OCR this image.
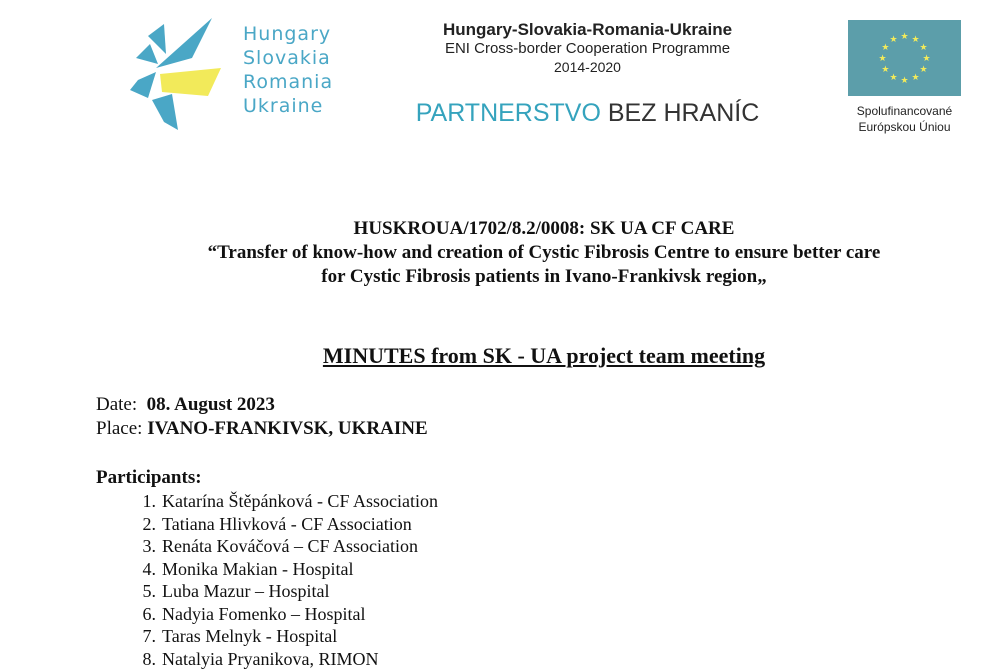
Hungary
Slovakia
Romania
Ukraine
Hungary-Slovakia-Romania-Ukraine
ENI Cross-border Cooperation Programme
2014-2020
PARTNERSTVO BEZ HRANÍC
★ ★
★
★
★
★
★
★
★
★
★
★
Spolufinancované
Európskou Úniou
HUSKROUA/1702/8.2/0008: SK UA CF CARE
“Transfer of know-how and creation of Cystic Fibrosis Centre to ensure better care
for Cystic Fibrosis patients in Ivano-Frankivsk region„
MINUTES from SK - UA project team meeting
Date: 08. August 2023
Place: IVANO-FRANKIVSK, UKRAINE
Participants:
1. Katarína Štěpánková - CF Association
2. Tatiana Hlivková - CF Association
3. Renáta Kováčová – CF Association
4. Monika Makian - Hospital
5. Luba Mazur – Hospital
6. Nadyia Fomenko – Hospital
7. Taras Melnyk - Hospital
8. Natalyia Pryanikova, RIMON
